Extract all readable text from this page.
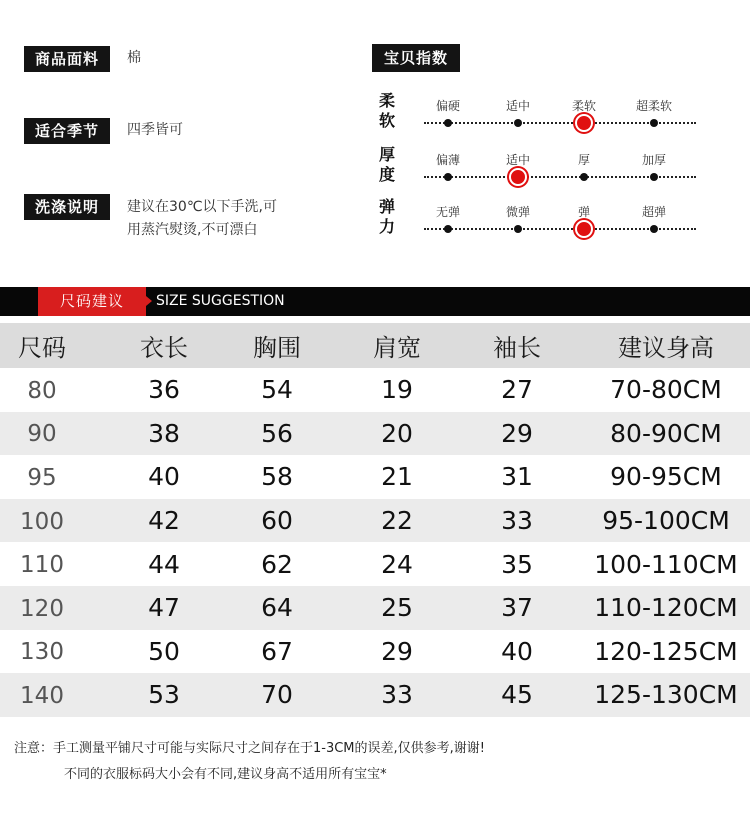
商品面料	棉
适合季节	四季皆可
洗涤说明	建议在30℃以下手洗,可
用蒸汽熨烫,不可漂白
宝贝指数
柔软
偏硬	适中	柔软	超柔软
厚度
偏薄	适中	厚	加厚
弹力
无弹	微弹	弹	超弹
尺码建议	SIZE SUGGESTION
尺码	衣长	胸围	肩宽	袖长	建议身高
80	36	54	19	27	70-80CM
90	38	56	20	29	80-90CM
95	40	58	21	31	90-95CM
100	42	60	22	33	95-100CM
110	44	62	24	35	100-110CM
120	47	64	25	37	110-120CM
130	50	67	29	40	120-125CM
140	53	70	33	45	125-130CM
注意：手工测量平铺尺寸可能与实际尺寸之间存在于1-3CM的误差,仅供参考,谢谢!
不同的衣服标码大小会有不同,建议身高不适用所有宝宝*
